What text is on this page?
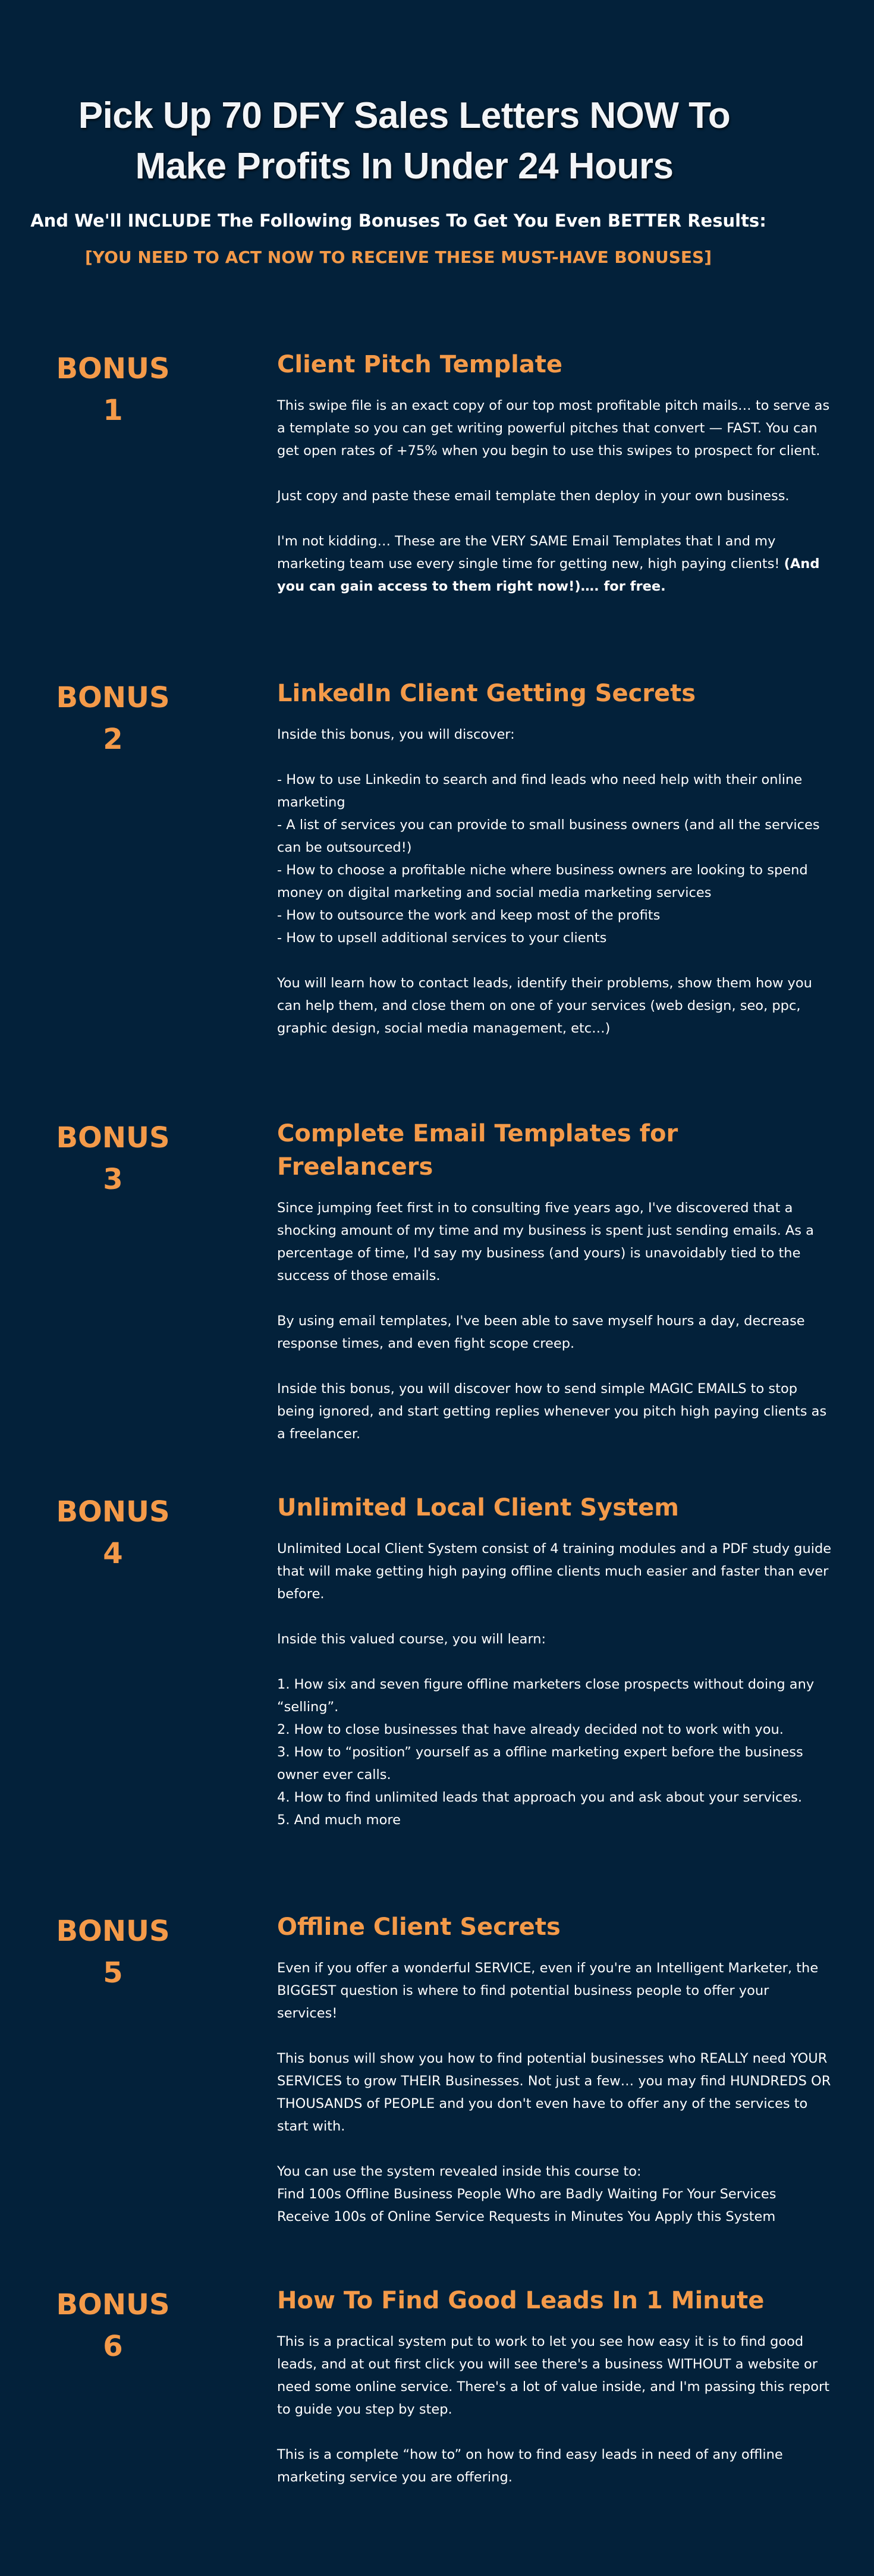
Pick Up 70 DFY Sales Letters NOW To
Make Profits In Under 24 Hours

And We'll INCLUDE The Following Bonuses To Get You Even BETTER Results:

[YOU NEED TO ACT NOW TO RECEIVE THESE MUST-HAVE BONUSES]

BONUS
1
Client Pitch Template

This swipe file is an exact copy of our top most profitable pitch mails… to serve as a template so you can get writing powerful pitches that convert — FAST. You can get open rates of +75% when you begin to use this swipes to prospect for client.

Just copy and paste these email template then deploy in your own business.

I'm not kidding… These are the VERY SAME Email Templates that I and my marketing team use every single time for getting new, high paying clients! (And you can gain access to them right now!)…. for free.

BONUS
2
LinkedIn Client Getting Secrets

Inside this bonus, you will discover:

- How to use Linkedin to search and find leads who need help with their online marketing
- A list of services you can provide to small business owners (and all the services can be outsourced!)
- How to choose a profitable niche where business owners are looking to spend money on digital marketing and social media marketing services
- How to outsource the work and keep most of the profits
- How to upsell additional services to your clients

You will learn how to contact leads, identify their problems, show them how you can help them, and close them on one of your services (web design, seo, ppc, graphic design, social media management, etc…)

BONUS
3
Complete Email Templates for Freelancers

Since jumping feet first in to consulting five years ago, I've discovered that a shocking amount of my time and my business is spent just sending emails. As a percentage of time, I'd say my business (and yours) is unavoidably tied to the success of those emails.

By using email templates, I've been able to save myself hours a day, decrease response times, and even fight scope creep.

Inside this bonus, you will discover how to send simple MAGIC EMAILS to stop being ignored, and start getting replies whenever you pitch high paying clients as a freelancer.

BONUS
4
Unlimited Local Client System

Unlimited Local Client System consist of 4 training modules and a PDF study guide that will make getting high paying offline clients much easier and faster than ever before.

Inside this valued course, you will learn:

1. How six and seven figure offline marketers close prospects without doing any “selling”.
2. How to close businesses that have already decided not to work with you.
3. How to “position” yourself as a offline marketing expert before the business owner ever calls.
4. How to find unlimited leads that approach you and ask about your services.
5. And much more

BONUS
5
Offline Client Secrets

Even if you offer a wonderful SERVICE, even if you're an Intelligent Marketer, the BIGGEST question is where to find potential business people to offer your services!

This bonus will show you how to find potential businesses who REALLY need YOUR SERVICES to grow THEIR Businesses. Not just a few… you may find HUNDREDS OR THOUSANDS of PEOPLE and you don't even have to offer any of the services to start with.

You can use the system revealed inside this course to:
Find 100s Offline Business People Who are Badly Waiting For Your Services
Receive 100s of Online Service Requests in Minutes You Apply this System

BONUS
6
How To Find Good Leads In 1 Minute

This is a practical system put to work to let you see how easy it is to find good leads, and at out first click you will see there's a business WITHOUT a website or need some online service. There's a lot of value inside, and I'm passing this report to guide you step by step.

This is a complete “how to” on how to find easy leads in need of any offline marketing service you are offering.
